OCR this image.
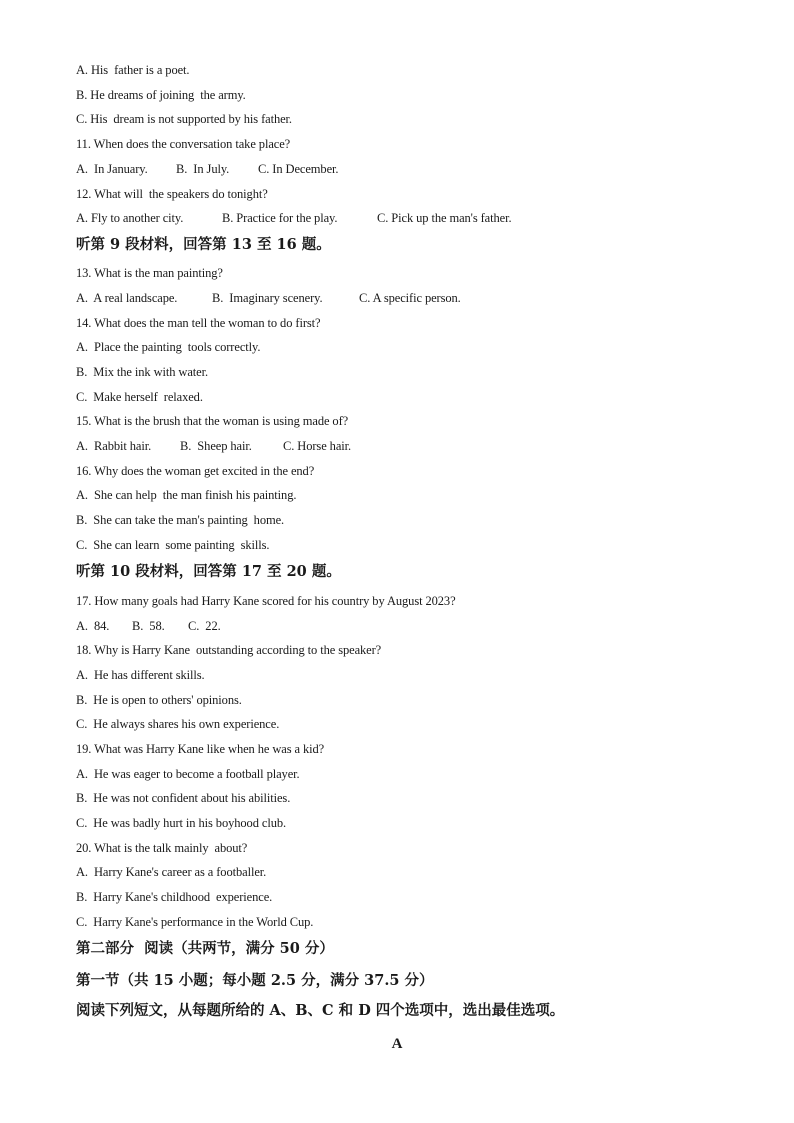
A. His  father is a poet.
B. He dreams of joining  the army.
C. His  dream is not supported by his father.
11. When does the conversation take place?
A.  In January. B.  In July. C. In December.
12. What will  the speakers do tonight?
A. Fly to another city.	B. Practice for the play.	C. Pick up the man's father.
听第 9 段材料，回答第 13 至 16 题。
13. What is the man painting?
A.  A real landscape.	B.  Imaginary scenery.	C. A specific person.
14. What does the man tell the woman to do first?
A.  Place the painting  tools correctly.
B.  Mix the ink with water.
C.  Make herself  relaxed.
15. What is the brush that the woman is using made of?
A.  Rabbit hair. B.  Sheep hair. C. Horse hair.
16. Why does the woman get excited in the end?
A.  She can help  the man finish his painting.
B.  She can take the man's painting  home.
C.  She can learn  some painting  skills.
听第 10 段材料，回答第 17 至 20 题。
17. How many goals had Harry Kane scored for his country by August 2023?
A.  84. B.  58. C.  22.
18. Why is Harry Kane  outstanding according to the speaker?
A.  He has different skills.
B.  He is open to others' opinions.
C.  He always shares his own experience.
19. What was Harry Kane like when he was a kid?
A.  He was eager to become a football player.
B.  He was not confident about his abilities.
C.  He was badly hurt in his boyhood club.
20. What is the talk mainly  about?
A.  Harry Kane's career as a footballer.
B.  Harry Kane's childhood  experience.
C.  Harry Kane's performance in the World Cup.
第二部分  阅读（共两节，满分 50 分）
第一节（共 15 小题；每小题 2.5 分，满分 37.5 分）
阅读下列短文，从每题所给的 A、B、C 和 D 四个选项中，选出最佳选项。
A
